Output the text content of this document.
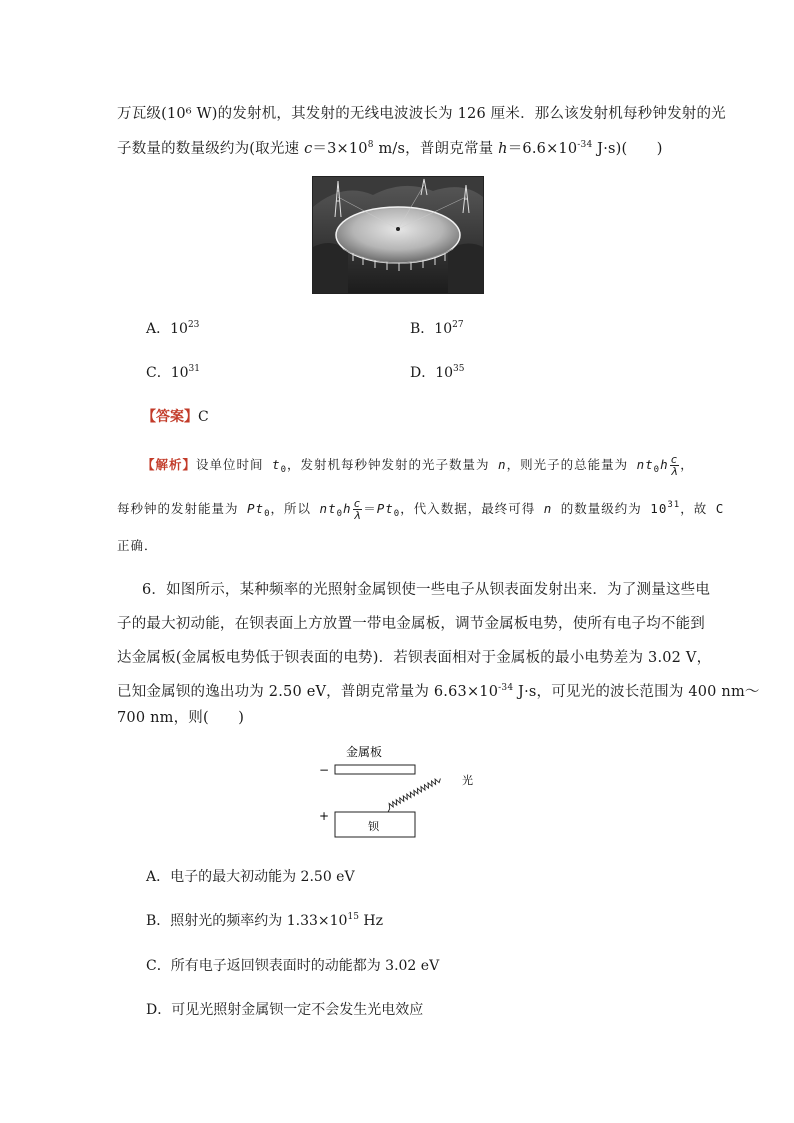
万瓦级(10⁶ W)的发射机，其发射的无线电波波长为 126 厘米．那么该发射机每秒钟发射的光
子数量的数量级约为(取光速 $c=3\times 10^8$ m/s，普朗克常量 $h=6.6\times 10^{-34}$ J·s)(　　)
A．$10^{23}$	B．$10^{27}$
C．$10^{31}$	D．$10^{35}$
【答案】C
【解析】设单位时间 $t_0$，发射机每秒钟发射的光子数量为 n，则光子的总能量为 $nt_0h \frac{c}{\lambda}$ ，
每秒钟的发射能量为 $Pt_0$，所以 $nt_0h \frac{c}{\lambda} =Pt_0$，代入数据，最终可得 n 的数量级约为 $10^{31}$，故 C
正确．
6．如图所示，某种频率的光照射金属钡使一些电子从钡表面发射出来．为了测量这些电
子的最大初动能，在钡表面上方放置一带电金属板，调节金属板电势，使所有电子均不能到
达金属板(金属板电势低于钡表面的电势)．若钡表面相对于金属板的最小电势差为 3.02 V，
已知金属钡的逸出功为 2.50 eV，普朗克常量为 $6.63\times 10^{-34}$ J·s，可见光的波长范围为 400 nm～
700 nm，则(　　)
金属板
−
+
钡
光
A．电子的最大初动能为 2.50 eV
B．照射光的频率约为 $1.33\times 10^{15}$ Hz
C．所有电子返回钡表面时的动能都为 3.02 eV
D．可见光照射金属钡一定不会发生光电效应
